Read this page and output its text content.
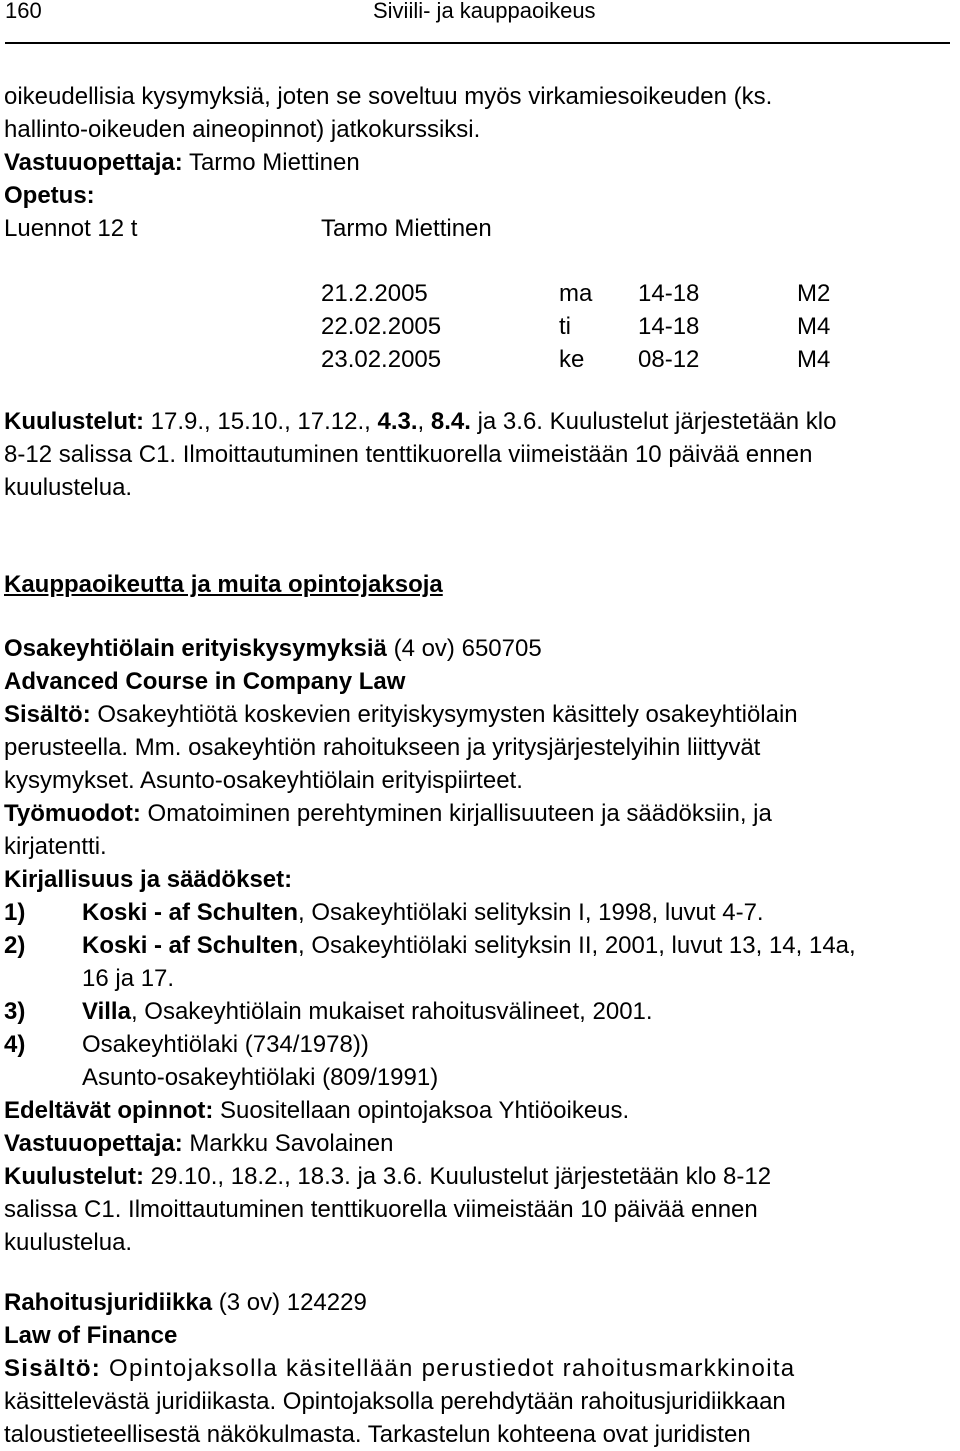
160	Siviili- ja kauppaoikeus
oikeudellisia kysymyksiä, joten se soveltuu myös virkamiesoikeuden (ks.
hallinto-oikeuden aineopinnot) jatkokurssiksi.
Vastuuopettaja: Tarmo Miettinen
Opetus:
Luennot 12 t	Tarmo Miettinen
21.2.2005	ma 14-18	M2
22.02.2005	ti	14-18	M4
23.02.2005	ke 08-12	M4
Kuulustelut: 17.9., 15.10., 17.12., 4.3., 8.4. ja 3.6. Kuulustelut järjestetään klo
8-12 salissa C1. Ilmoittautuminen tenttikuorella viimeistään 10 päivää ennen
kuulustelua.
Kauppaoikeutta ja muita opintojaksoja
Osakeyhtiölain erityiskysymyksiä (4 ov) 650705
Advanced Course in Company Law
Sisältö: Osakeyhtiötä koskevien erityiskysymysten käsittely osakeyhtiölain
perusteella. Mm. osakeyhtiön rahoitukseen ja yritysjärjestelyihin liittyvät
kysymykset. Asunto-osakeyhtiölain erityispiirteet.
Työmuodot: Omatoiminen perehtyminen kirjallisuuteen ja säädöksiin, ja
kirjatentti.
Kirjallisuus ja säädökset:
1) Koski - af Schulten, Osakeyhtiölaki selityksin I, 1998, luvut 4-7.
2) Koski - af Schulten, Osakeyhtiölaki selityksin II, 2001, luvut 13, 14, 14a,
16 ja 17.
3) Villa, Osakeyhtiölain mukaiset rahoitusvälineet, 2001.
4) Osakeyhtiölaki (734/1978))
Asunto-osakeyhtiölaki (809/1991)
Edeltävät opinnot: Suositellaan opintojaksoa Yhtiöoikeus.
Vastuuopettaja: Markku Savolainen
Kuulustelut: 29.10., 18.2., 18.3. ja 3.6. Kuulustelut järjestetään klo 8-12
salissa C1. Ilmoittautuminen tenttikuorella viimeistään 10 päivää ennen
kuulustelua.
Rahoitusjuridiikka (3 ov) 124229
Law of Finance
Sisältö: Opintojaksolla käsitellään perustiedot rahoitusmarkkinoita
käsittelevästä juridiikasta. Opintojaksolla perehdytään rahoitusjuridiikkaan
taloustieteellisestä näkökulmasta. Tarkastelun kohteena ovat juridisten
